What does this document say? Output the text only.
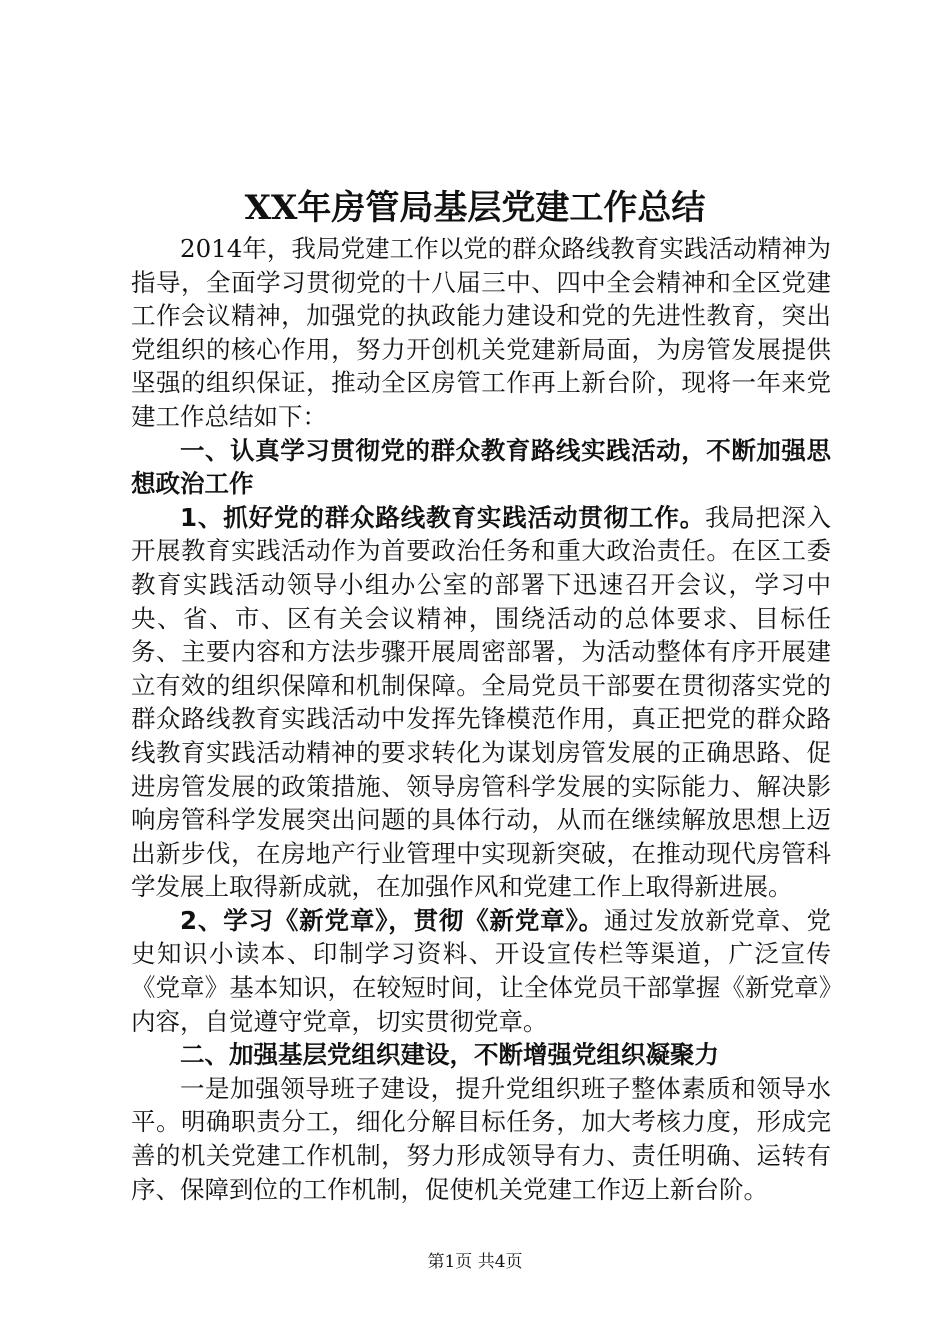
XX年房管局基层党建工作总结

2014年，我局党建工作以党的群众路线教育实践活动精神为指导，全面学习贯彻党的十八届三中、四中全会精神和全区党建工作会议精神，加强党的执政能力建设和党的先进性教育，突出党组织的核心作用，努力开创机关党建新局面，为房管发展提供坚强的组织保证，推动全区房管工作再上新台阶，现将一年来党建工作总结如下：

一、认真学习贯彻党的群众教育路线实践活动，不断加强思想政治工作

1、抓好党的群众路线教育实践活动贯彻工作。我局把深入开展教育实践活动作为首要政治任务和重大政治责任。在区工委教育实践活动领导小组办公室的部署下迅速召开会议，学习中央、省、市、区有关会议精神，围绕活动的总体要求、目标任务、主要内容和方法步骤开展周密部署，为活动整体有序开展建立有效的组织保障和机制保障。全局党员干部要在贯彻落实党的群众路线教育实践活动中发挥先锋模范作用，真正把党的群众路线教育实践活动精神的要求转化为谋划房管发展的正确思路、促进房管发展的政策措施、领导房管科学发展的实际能力、解决影响房管科学发展突出问题的具体行动，从而在继续解放思想上迈出新步伐，在房地产行业管理中实现新突破，在推动现代房管科学发展上取得新成就，在加强作风和党建工作上取得新进展。

2、学习《新党章》，贯彻《新党章》。通过发放新党章、党史知识小读本、印制学习资料、开设宣传栏等渠道，广泛宣传《党章》基本知识，在较短时间，让全体党员干部掌握《新党章》内容，自觉遵守党章，切实贯彻党章。

二、加强基层党组织建设，不断增强党组织凝聚力

一是加强领导班子建设，提升党组织班子整体素质和领导水平。明确职责分工，细化分解目标任务，加大考核力度，形成完善的机关党建工作机制，努力形成领导有力、责任明确、运转有序、保障到位的工作机制，促使机关党建工作迈上新台阶。

第1页 共4页
